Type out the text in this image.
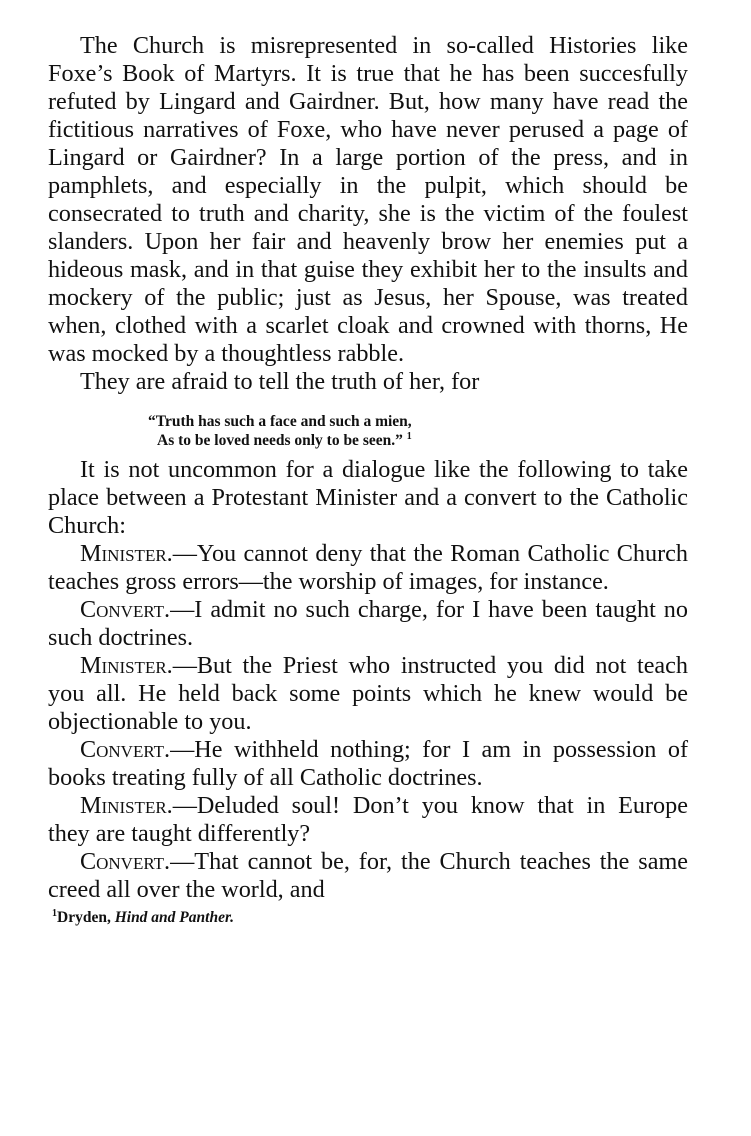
The Church is misrepresented in so-called Histories like Foxe’s Book of Martyrs. It is true that he has been succesfully refuted by Lingard and Gairdner. But, how many have read the fictitious narratives of Foxe, who have never perused a page of Lingard or Gairdner? In a large portion of the press, and in pamphlets, and especially in the pulpit, which should be consecrated to truth and charity, she is the victim of the foulest slanders. Upon her fair and heavenly brow her enemies put a hideous mask, and in that guise they exhibit her to the insults and mockery of the public; just as Jesus, her Spouse, was treated when, clothed with a scarlet cloak and crowned with thorns, He was mocked by a thoughtless rabble.

They are afraid to tell the truth of her, for

“Truth has such a face and such a mien,
As to be loved needs only to be seen.” $^1$

It is not uncommon for a dialogue like the following to take place between a Protestant Minister and a convert to the Catholic Church:

Minister.—You cannot deny that the Roman Catholic Church teaches gross errors—the worship of images, for instance.

Convert.—I admit no such charge, for I have been taught no such doctrines.

Minister.—But the Priest who instructed you did not teach you all. He held back some points which he knew would be objectionable to you.

Convert.—He withheld nothing; for I am in possession of books treating fully of all Catholic doctrines.

Minister.—Deluded soul! Don’t you know that in Europe they are taught differently?

Convert.—That cannot be, for, the Church teaches the same creed all over the world, and

$^1$Dryden, Hind and Panther.
